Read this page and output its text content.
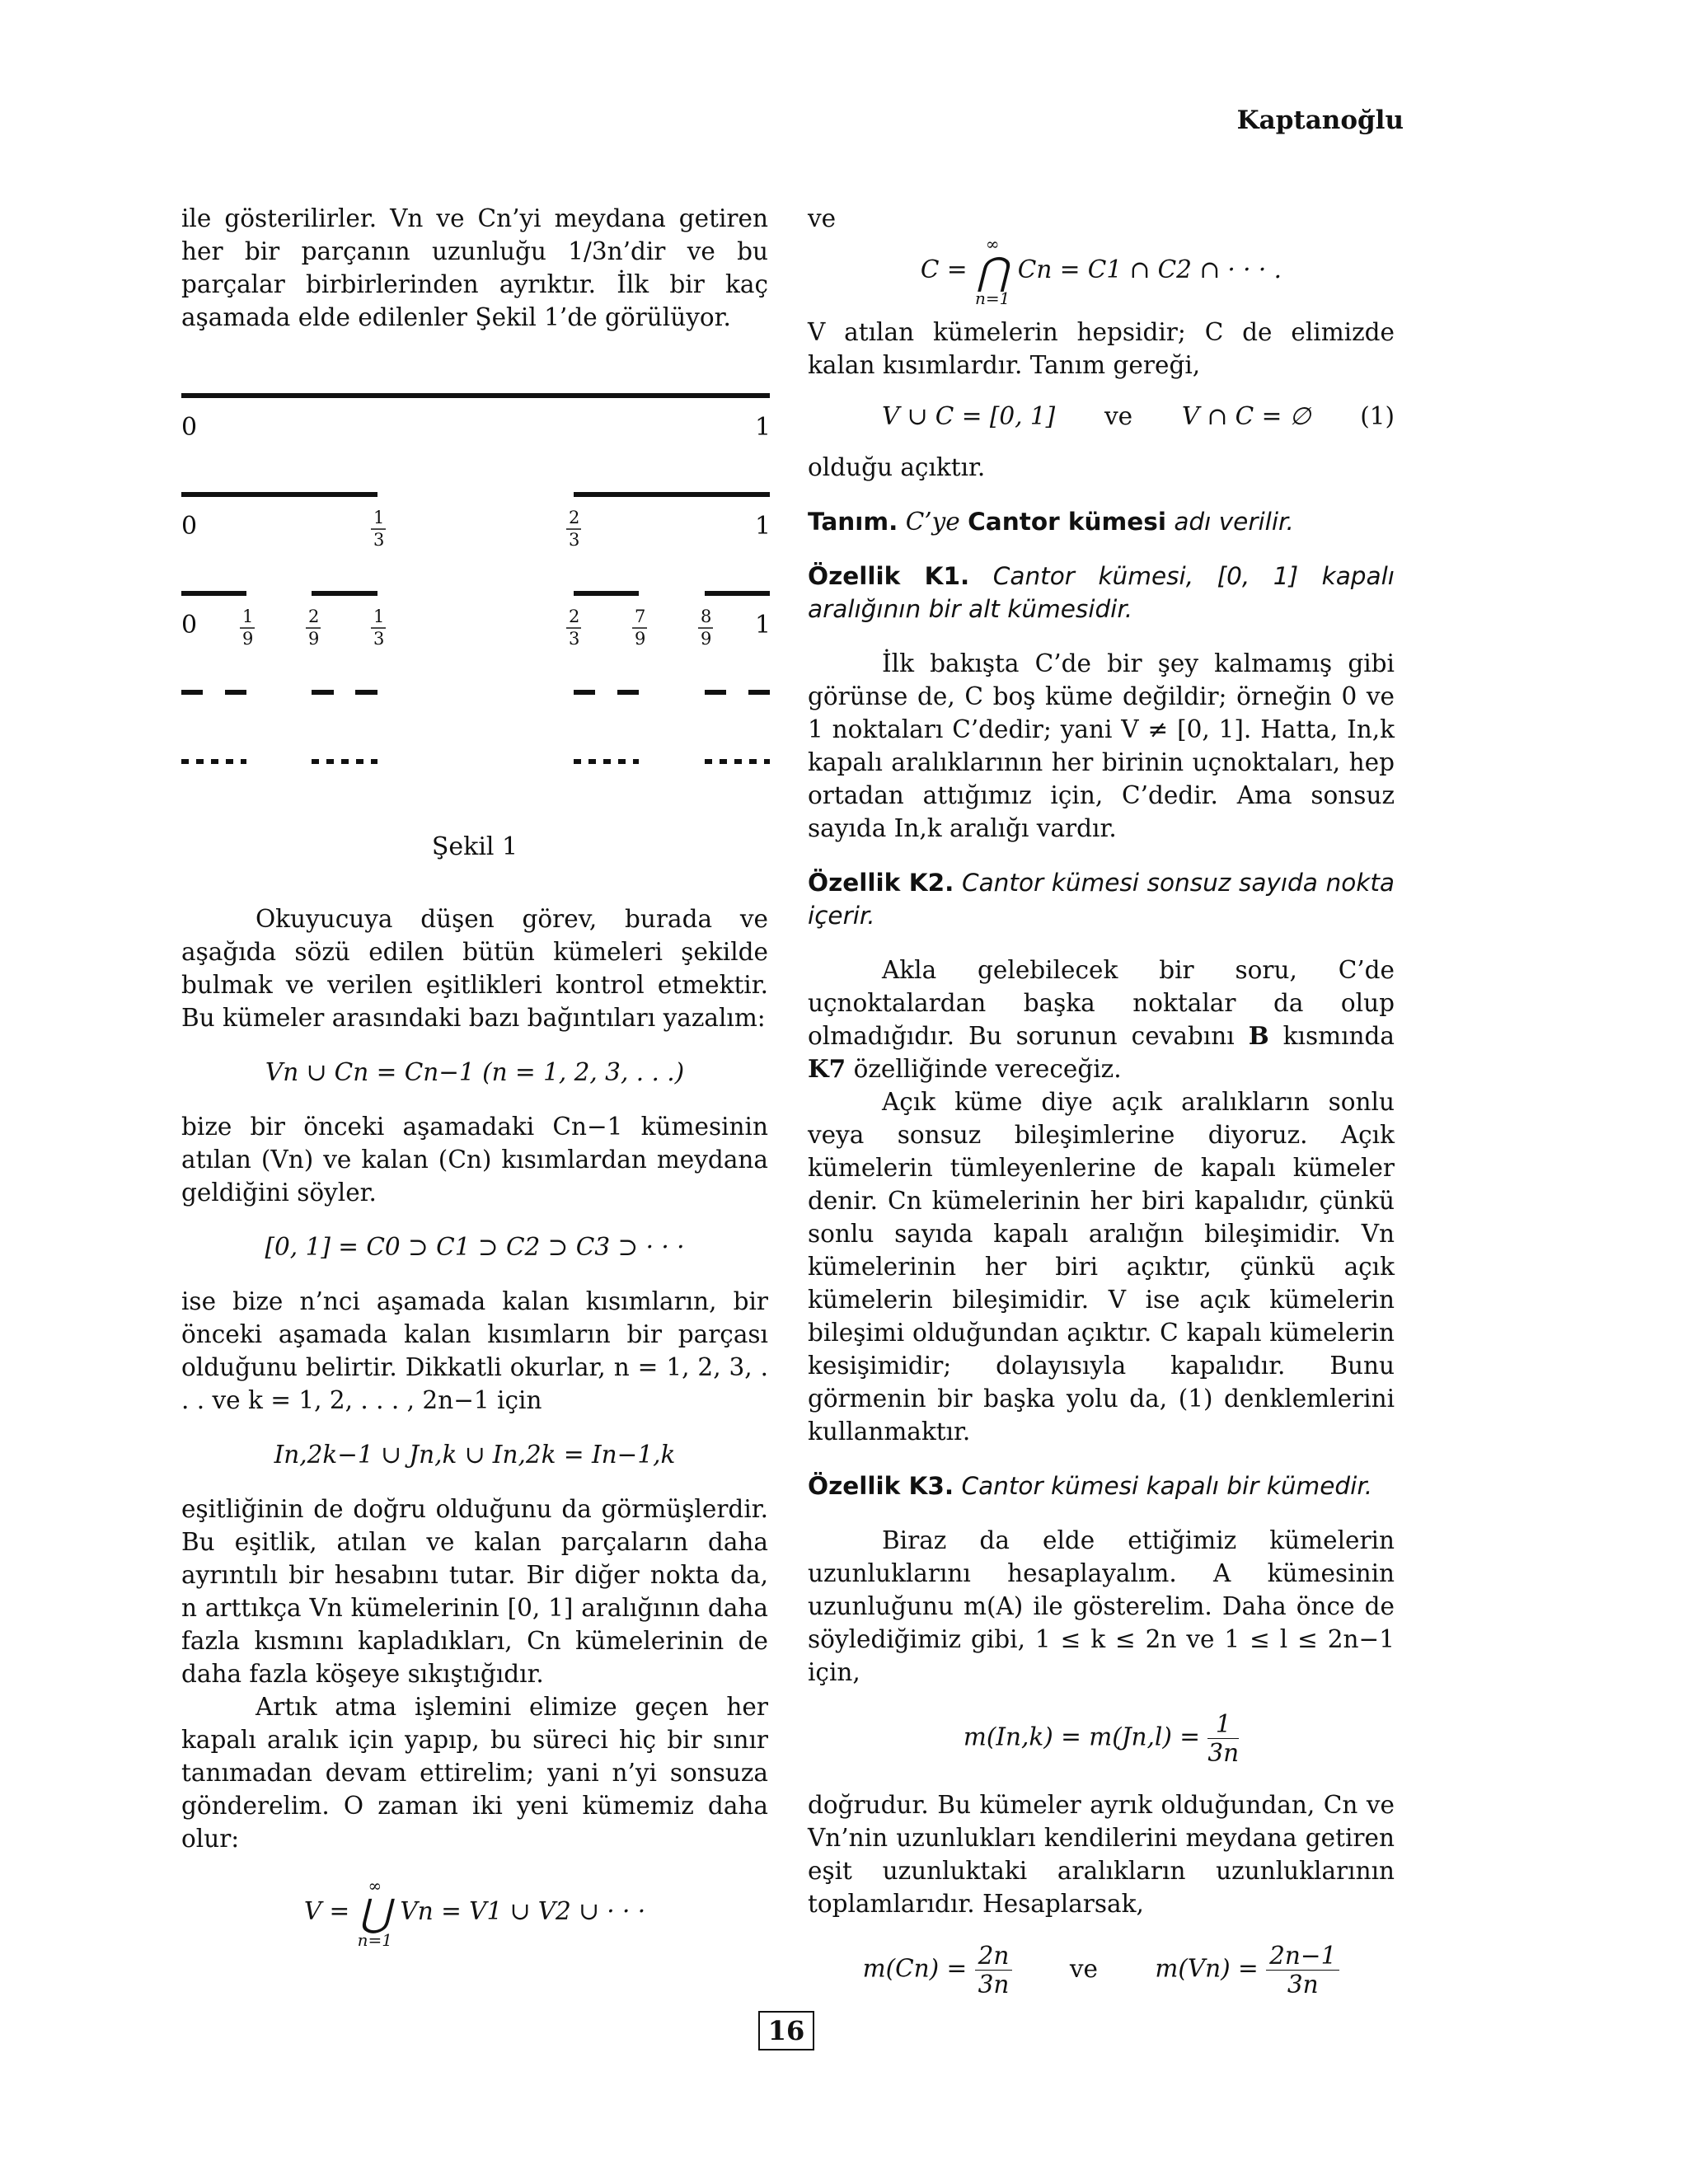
Kaptanoğlu

ile gösterilirler. Vn ve Cn’yi meydana getiren her bir parçanın uzunluğu 1/3n’dir ve bu parçalar birbirlerinden ayrıktır. İlk bir kaç aşamada elde edilenler Şekil 1’de görülüyor.

0	1
0	1
3
2
3	1
0	1
9
2
9
1
3
2
3
7
9
8
9 1
Şekil 1

Okuyucuya düşen görev, burada ve aşağıda sözü edilen bütün kümeleri şekilde bulmak ve verilen eşitlikleri kontrol etmektir. Bu kümeler arasındaki bazı bağıntıları yazalım:

Vn ∪ Cn = Cn−1 (n = 1, 2, 3, . . .)

bize bir önceki aşamadaki Cn−1 kümesinin atılan (Vn) ve kalan (Cn) kısımlardan meydana geldiğini söyler.

[0, 1] = C0 ⊃ C1 ⊃ C2 ⊃ C3 ⊃ · · ·

ise bize n’nci aşamada kalan kısımların, bir önceki aşamada kalan kısımların bir parçası olduğunu belirtir. Dikkatli okurlar, n = 1, 2, 3, . . . ve k = 1, 2, . . . , 2n−1 için

In,2k−1 ∪ Jn,k ∪ In,2k = In−1,k

eşitliğinin de doğru olduğunu da görmüşlerdir. Bu eşitlik, atılan ve kalan parçaların daha ayrıntılı bir hesabını tutar. Bir diğer nokta da, n arttıkça Vn kümelerinin [0, 1] aralığının daha fazla kısmını kapladıkları, Cn kümelerinin de daha fazla köşeye sıkıştığıdır.

Artık atma işlemini elimize geçen her kapalı aralık için yapıp, bu süreci hiç bir sınır tanımadan devam ettirelim; yani n’yi sonsuza gönderelim. O zaman iki yeni kümemiz daha olur:

V =
∞
⋃
n=1
Vn = V1 ∪ V2 ∪ · · ·

ve

C =
∞
⋂
n=1
Cn = C1 ∩ C2 ∩ · · · .

V atılan kümelerin hepsidir; C de elimizde kalan kısımlardır. Tanım gereği,

V ∪ C = [0, 1] ve V ∩ C = ∅ (1)

olduğu açıktır.

Tanım. C’ye Cantor kümesi adı verilir.

Özellik K1. Cantor kümesi, [0, 1] kapalı aralığının bir alt kümesidir.

İlk bakışta C’de bir şey kalmamış gibi görünse de, C boş küme değildir; örneğin 0 ve 1 noktaları C’dedir; yani V ≠ [0, 1]. Hatta, In,k kapalı aralıklarının her birinin uçnoktaları, hep ortadan attığımız için, C’dedir. Ama sonsuz sayıda In,k aralığı vardır.

Özellik K2. Cantor kümesi sonsuz sayıda nokta içerir.

Akla gelebilecek bir soru, C’de uçnoktalardan başka noktalar da olup olmadığıdır. Bu sorunun cevabını B kısmında K7 özelliğinde vereceğiz.

Açık küme diye açık aralıkların sonlu veya sonsuz bileşimlerine diyoruz. Açık kümelerin tümleyenlerine de kapalı kümeler denir. Cn kümelerinin her biri kapalıdır, çünkü sonlu sayıda kapalı aralığın bileşimidir. Vn kümelerinin her biri açıktır, çünkü açık kümelerin bileşimidir. V ise açık kümelerin bileşimi olduğundan açıktır. C kapalı kümelerin kesişimidir; dolayısıyla kapalıdır. Bunu görmenin bir başka yolu da, (1) denklemlerini kullanmaktır.

Özellik K3. Cantor kümesi kapalı bir kümedir.

Biraz da elde ettiğimiz kümelerin uzunluklarını hesaplayalım. A kümesinin uzunluğunu m(A) ile gösterelim. Daha önce de söylediğimiz gibi, 1 ≤ k ≤ 2n ve 1 ≤ l ≤ 2n−1 için,

$m(In,k) = m(Jn,l) = \frac{1}{3n}$

doğrudur. Bu kümeler ayrık olduğundan, Cn ve Vn’nin uzunlukları kendilerini meydana getiren eşit uzunluktaki aralıkların uzunluklarının toplamlarıdır. Hesaplarsak,

$m(Cn) = \frac{2n}{3n}$ ve $m(Vn) = \frac{2n-1}{3n}$
16
